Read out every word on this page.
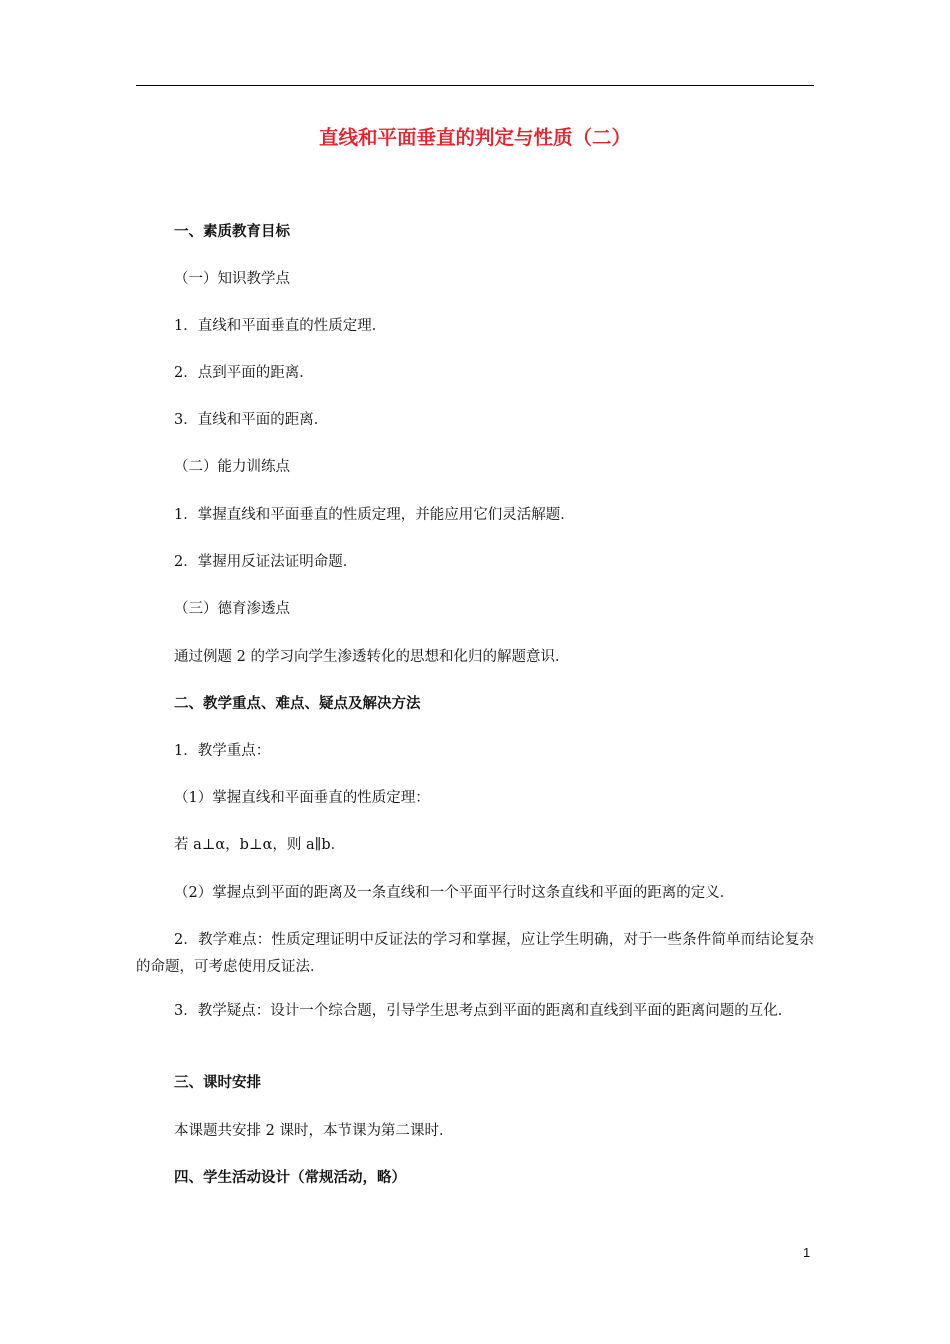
直线和平面垂直的判定与性质（二）
一、素质教育目标
（一）知识教学点
1．直线和平面垂直的性质定理．
2．点到平面的距离．
3．直线和平面的距离．
（二）能力训练点
1．掌握直线和平面垂直的性质定理，并能应用它们灵活解题．
2．掌握用反证法证明命题．
（三）德育渗透点
通过例题 2 的学习向学生渗透转化的思想和化归的解题意识．
二、教学重点、难点、疑点及解决方法
1．教学重点：
（1）掌握直线和平面垂直的性质定理：
若 a⊥α，b⊥α，则 a∥b．
（2）掌握点到平面的距离及一条直线和一个平面平行时这条直线和平面的距离的定义．
2．教学难点：性质定理证明中反证法的学习和掌握，应让学生明确，对于一些条件简单而结论复杂的命题，可考虑使用反证法．
3．教学疑点：设计一个综合题，引导学生思考点到平面的距离和直线到平面的距离问题的互化．
三、课时安排
本课题共安排 2 课时，本节课为第二课时．
四、学生活动设计（常规活动，略）
1
